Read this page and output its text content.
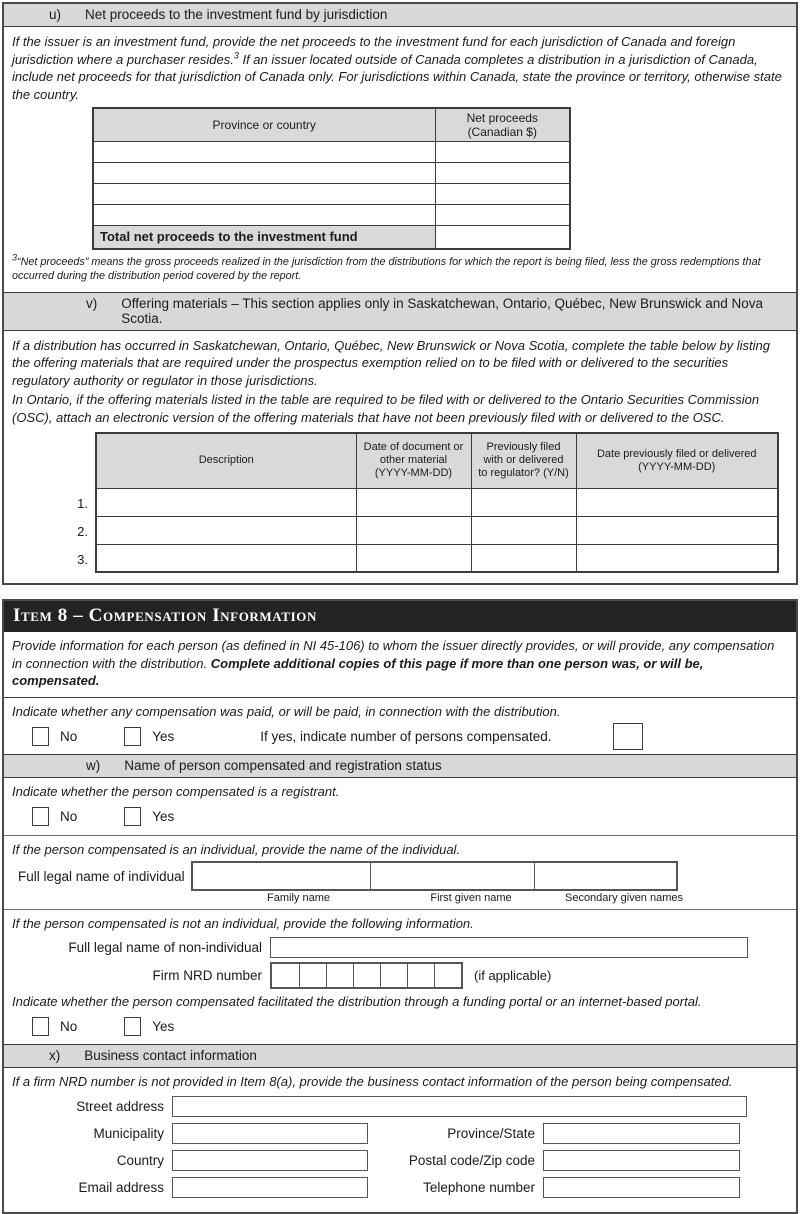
u) Net proceeds to the investment fund by jurisdiction

If the issuer is an investment fund, provide the net proceeds to the investment fund for each jurisdiction of Canada and foreign jurisdiction where a purchaser resides.$^3$ If an issuer located outside of Canada completes a distribution in a jurisdiction of Canada, include net proceeds for that jurisdiction of Canada only. For jurisdictions within Canada, state the province or territory, otherwise state the country.

Province or country	Net proceeds
(Canadian $)

Total net proceeds to the investment fund	

$^3$“Net proceeds” means the gross proceeds realized in the jurisdiction from the distributions for which the report is being filed, less the gross redemptions that occurred during the distribution period covered by the report.

v) Offering materials – This section applies only in Saskatchewan, Ontario, Québec, New Brunswick and Nova Scotia.

If a distribution has occurred in Saskatchewan, Ontario, Québec, New Brunswick or Nova Scotia, complete the table below by listing the offering materials that are required under the prospectus exemption relied on to be filed with or delivered to the securities regulatory authority or regulator in those jurisdictions.

In Ontario, if the offering materials listed in the table are required to be filed with or delivered to the Ontario Securities Commission (OSC), attach an electronic version of the offering materials that have not been previously filed with or delivered to the OSC.

1.
2.
3.
Description	Date of document or other material (YYYY-MM-DD)	Previously filed with or delivered to regulator? (Y/N)	Date previously filed or delivered (YYYY-MM-DD)

Item 8 – Compensation Information

Provide information for each person (as defined in NI 45-106) to whom the issuer directly provides, or will provide, any compensation in connection with the distribution. Complete additional copies of this page if more than one person was, or will be, compensated.

Indicate whether any compensation was paid, or will be paid, in connection with the distribution.

No	Yes	If yes, indicate number of persons compensated.
w) Name of person compensated and registration status

Indicate whether the person compensated is a registrant.

No	Yes

If the person compensated is an individual, provide the name of the individual.

Full legal name of individual
Family name	First given name	Secondary given names

If the person compensated is not an individual, provide the following information.

Full legal name of non-individual
Firm NRD number	(if applicable)

Indicate whether the person compensated facilitated the distribution through a funding portal or an internet-based portal.

No	Yes
x) Business contact information

If a firm NRD number is not provided in Item 8(a), provide the business contact information of the person being compensated.

Street address
Municipality	Province/State
Country	Postal code/Zip code
Email address	Telephone number
